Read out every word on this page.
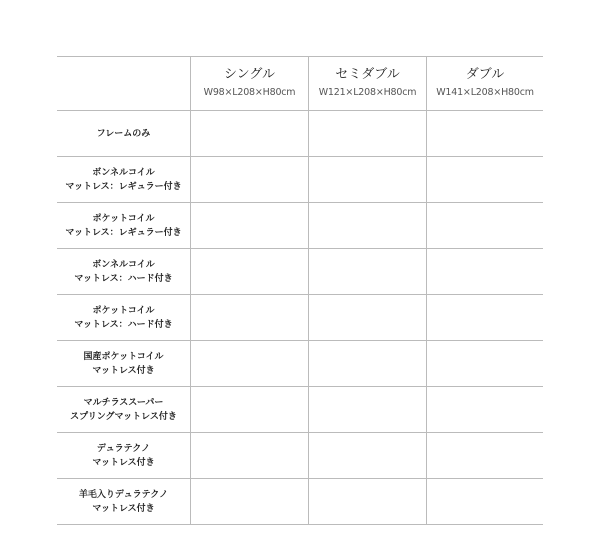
シングル
W98×L208×H80cm
セミダブル
W121×L208×H80cm
ダブル
W141×L208×H80cm
フレームのみ
ボンネルコイル
マットレス：レギュラー付き
ポケットコイル
マットレス：レギュラー付き
ボンネルコイル
マットレス：ハード付き
ポケットコイル
マットレス：ハード付き
国産ポケットコイル
マットレス付き
マルチラススーパー
スプリングマットレス付き
デュラテクノ
マットレス付き
羊毛入りデュラテクノ
マットレス付き
